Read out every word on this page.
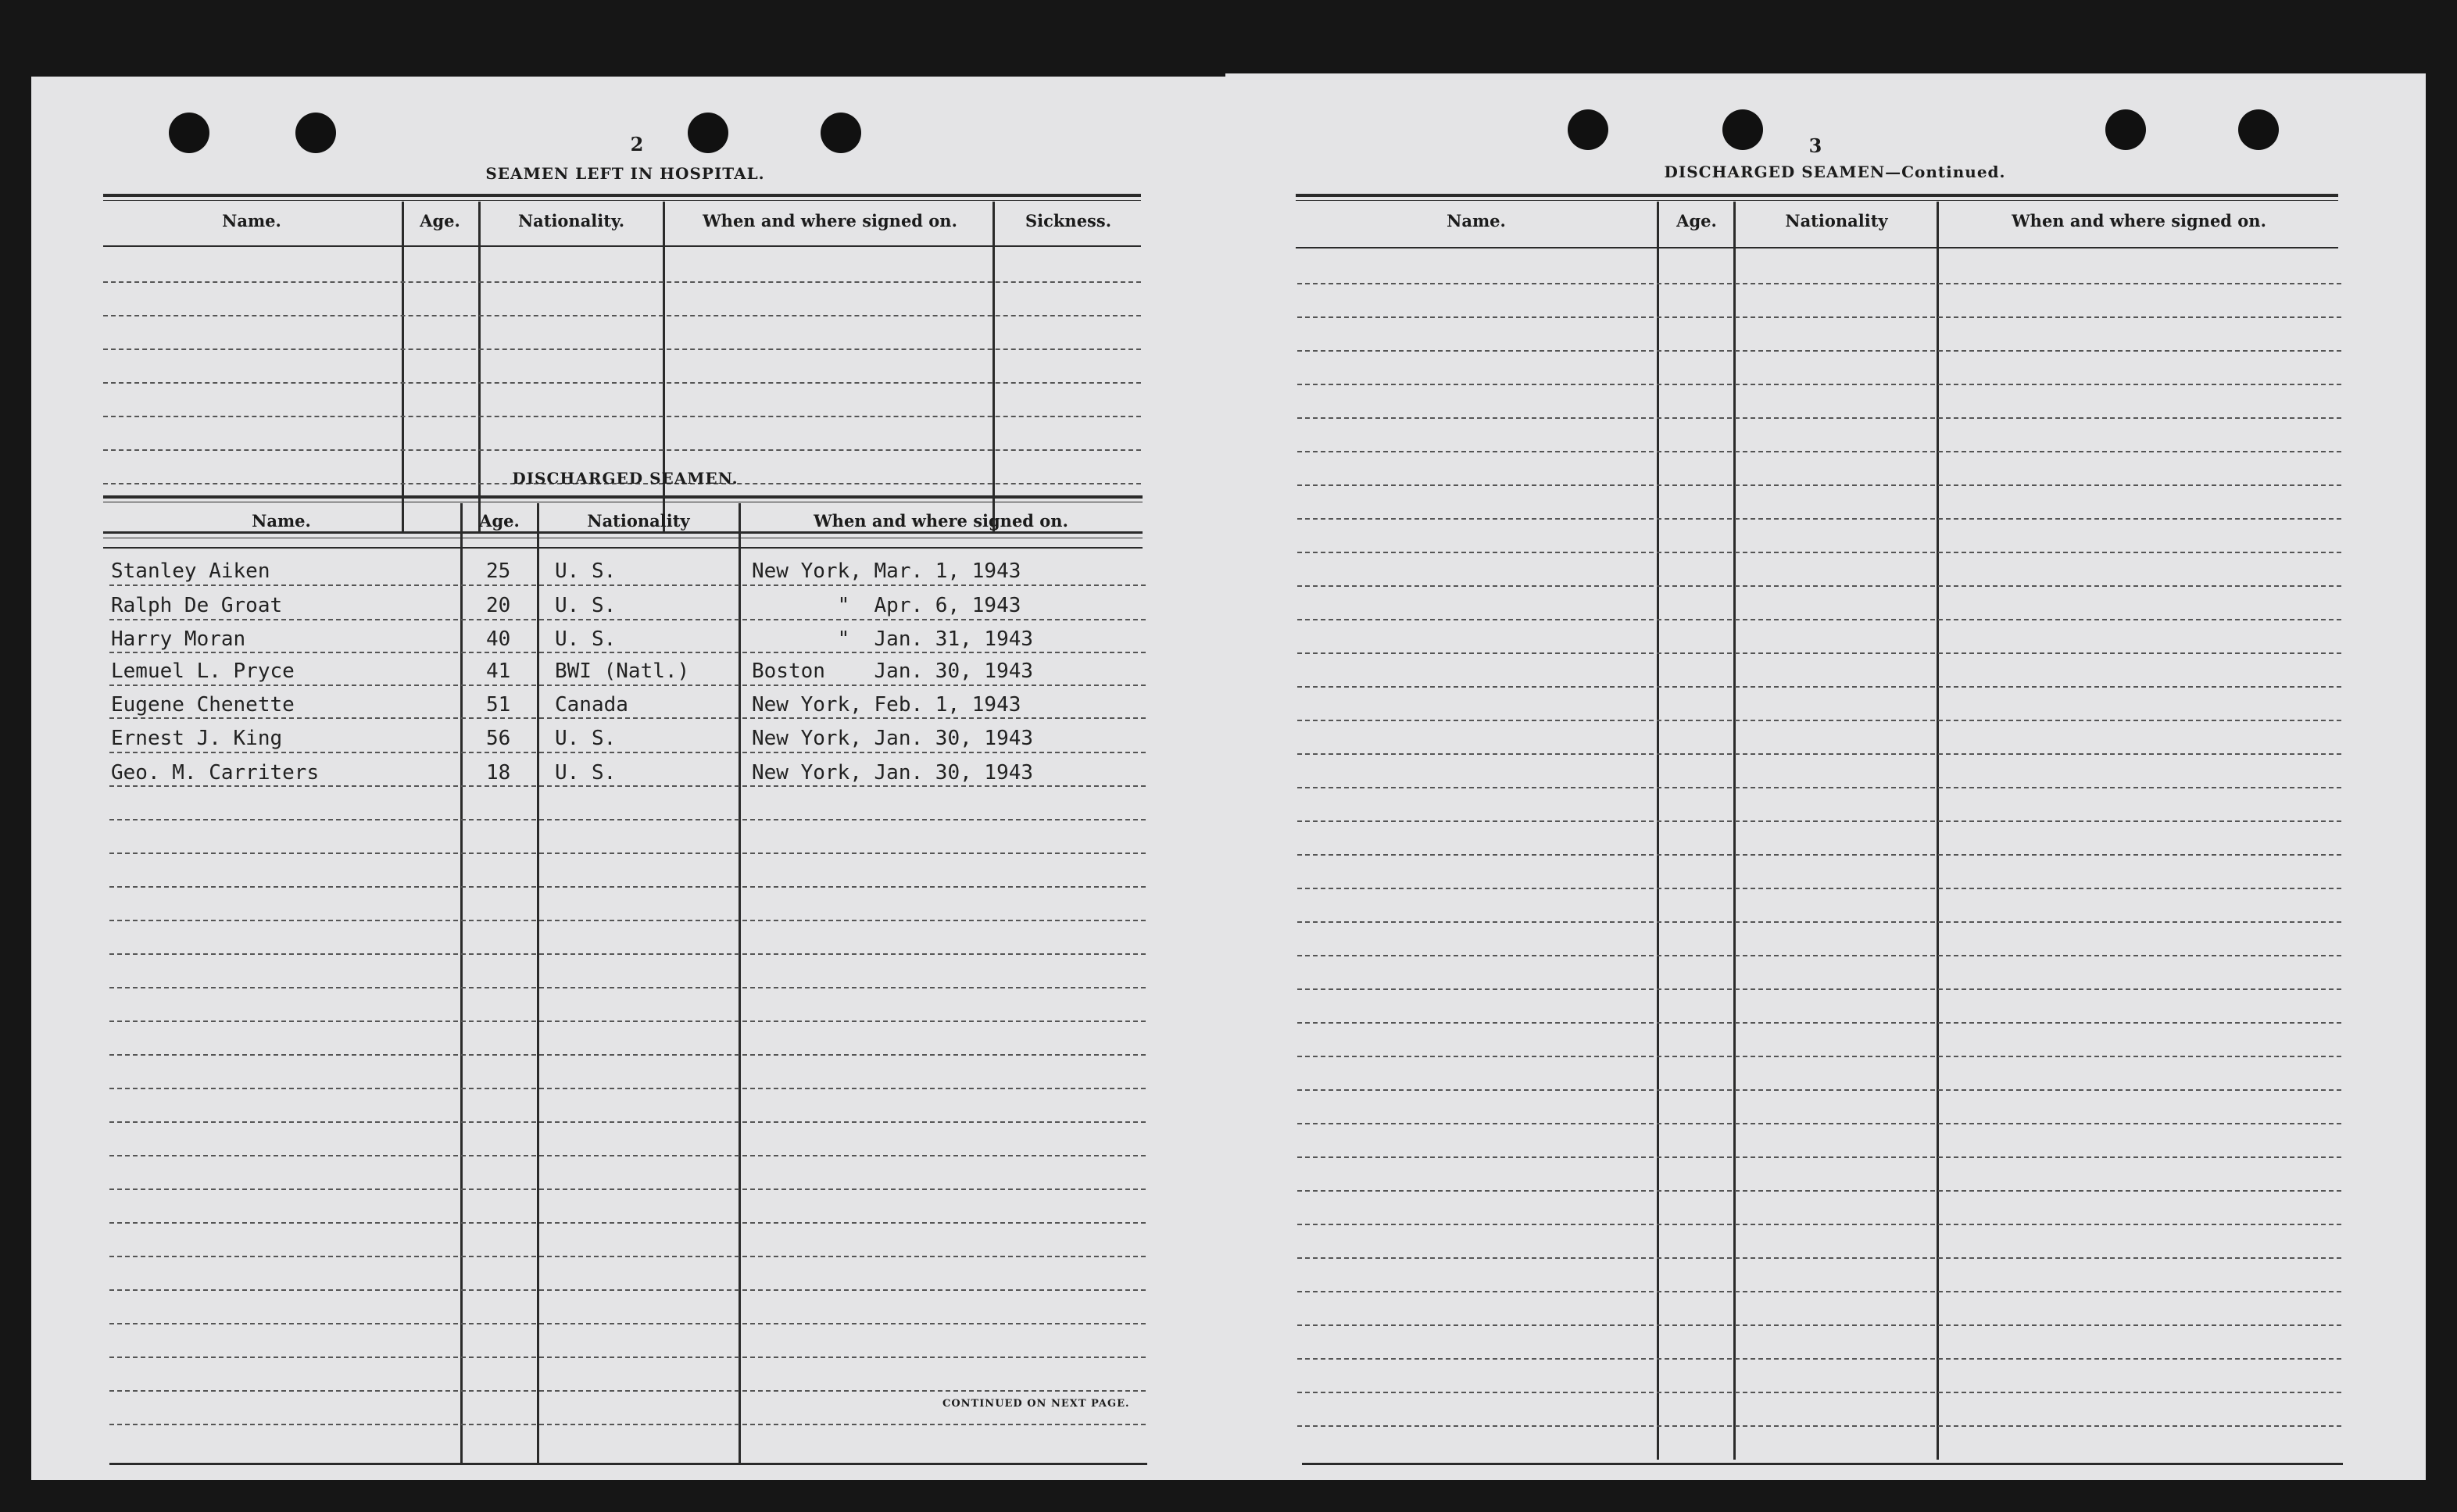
2
SEAMEN LEFT IN HOSPITAL.
Name.	Age.	Nationality.	When and where signed on.	Sickness.
DISCHARGED SEAMEN.
Name.	Age.	Nationality	When and where signed on.
Stanley Aiken	25 U. S.	New York, Mar. 1, 1943
Ralph De Groat	20 U. S.	"  Apr. 6, 1943
Harry Moran	40 U. S.	"  Jan. 31, 1943
Lemuel L. Pryce	41 BWI (Natl.)	Boston    Jan. 30, 1943
Eugene Chenette	51 Canada	New York, Feb. 1, 1943
Ernest J. King	56 U. S.	New York, Jan. 30, 1943
Geo. M. Carriters	18 U. S.	New York, Jan. 30, 1943
CONTINUED ON NEXT PAGE.
3
DISCHARGED SEAMEN—Continued.
Name.	Age.	Nationality	When and where signed on.
